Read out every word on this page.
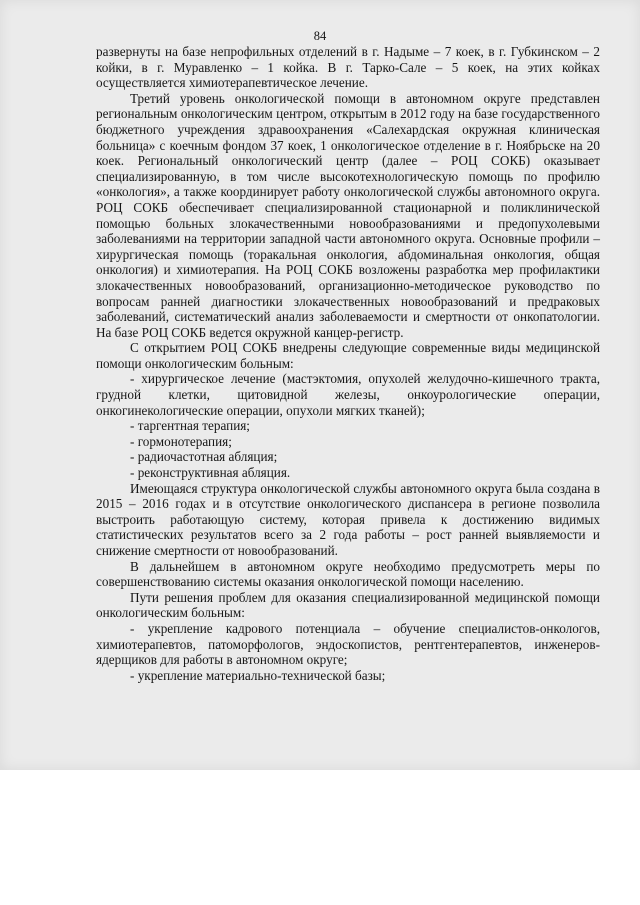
84

развернуты на базе непрофильных отделений в г. Надыме – 7 коек, в г. Губкинском – 2 койки, в г. Муравленко – 1 койка. В г. Тарко-Сале – 5 коек, на этих койках осуществляется химиотерапевтическое лечение.

Третий уровень онкологической помощи в автономном округе представлен региональным онкологическим центром, открытым в 2012 году на базе государственного бюджетного учреждения здравоохранения «Салехардская окружная клиническая больница» с коечным фондом 37 коек, 1 онкологическое отделение в г. Ноябрьске на 20 коек. Региональный онкологический центр (далее – РОЦ СОКБ) оказывает специализированную, в том числе высокотехнологическую помощь по профилю «онкология», а также координирует работу онкологической службы автономного округа. РОЦ СОКБ обеспечивает специализированной стационарной и поликлинической помощью больных злокачественными новообразованиями и предопухолевыми заболеваниями на территории западной части автономного округа. Основные профили – хирургическая помощь (торакальная онкология, абдоминальная онкология, общая онкология) и химиотерапия. На РОЦ СОКБ возложены разработка мер профилактики злокачественных новообразований, организационно-методическое руководство по вопросам ранней диагностики злокачественных новообразований и предраковых заболеваний, систематический анализ заболеваемости и смертности от онкопатологии. На базе РОЦ СОКБ ведется окружной канцер-регистр.

С открытием РОЦ СОКБ внедрены следующие современные виды медицинской помощи онкологическим больным:

- хирургическое лечение (мастэктомия, опухолей желудочно-кишечного тракта, грудной клетки, щитовидной железы, онкоурологические операции, онкогинекологические операции, опухоли мягких тканей);
- таргентная терапия;
- гормонотерапия;
- радиочастотная абляция;
- реконструктивная абляция.

Имеющаяся структура онкологической службы автономного округа была создана в 2015 – 2016 годах и в отсутствие онкологического диспансера в регионе позволила выстроить работающую систему, которая привела к достижению видимых статистических результатов всего за 2 года работы – рост ранней выявляемости и снижение смертности от новообразований.

В дальнейшем в автономном округе необходимо предусмотреть меры по совершенствованию системы оказания онкологической помощи населению.

Пути решения проблем для оказания специализированной медицинской помощи онкологическим больным:

- укрепление кадрового потенциала – обучение специалистов-онкологов, химиотерапевтов, патоморфологов, эндоскопистов, рентгентерапевтов, инженеров-ядерщиков для работы в автономном округе;
- укрепление материально-технической базы;
